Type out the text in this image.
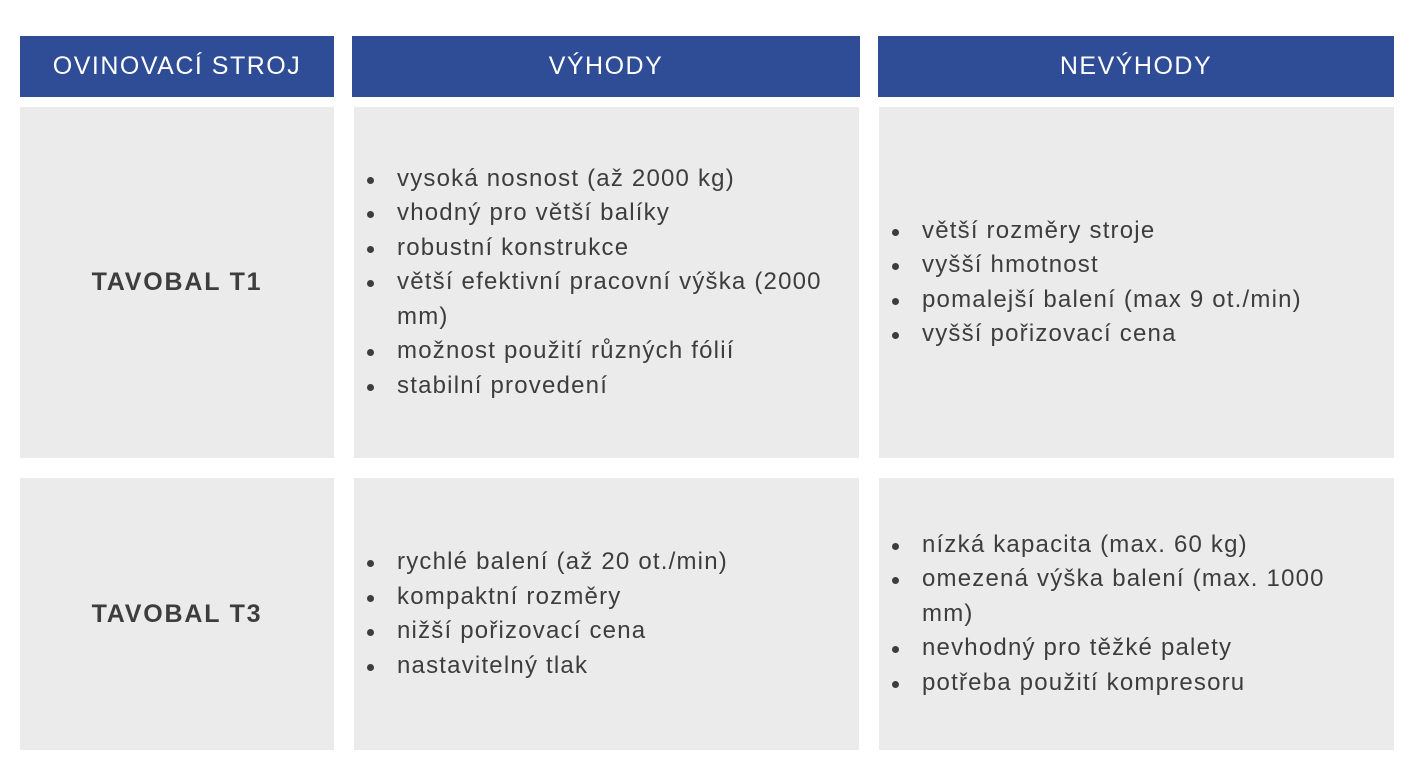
OVINOVACÍ STROJ	VÝHODY	NEVÝHODY
TAVOBAL T1
vysoká nosnost (až 2000 kg)
vhodný pro větší balíky
robustní konstrukce
větší efektivní pracovní výška (2000 mm)
možnost použití různých fólií
stabilní provedení
větší rozměry stroje
vyšší hmotnost
pomalejší balení (max 9 ot./min)
vyšší pořizovací cena
TAVOBAL T3
rychlé balení (až 20 ot./min)
kompaktní rozměry
nižší pořizovací cena
nastavitelný tlak
nízká kapacita (max. 60 kg)
omezená výška balení (max. 1000 mm)
nevhodný pro těžké palety
potřeba použití kompresoru
